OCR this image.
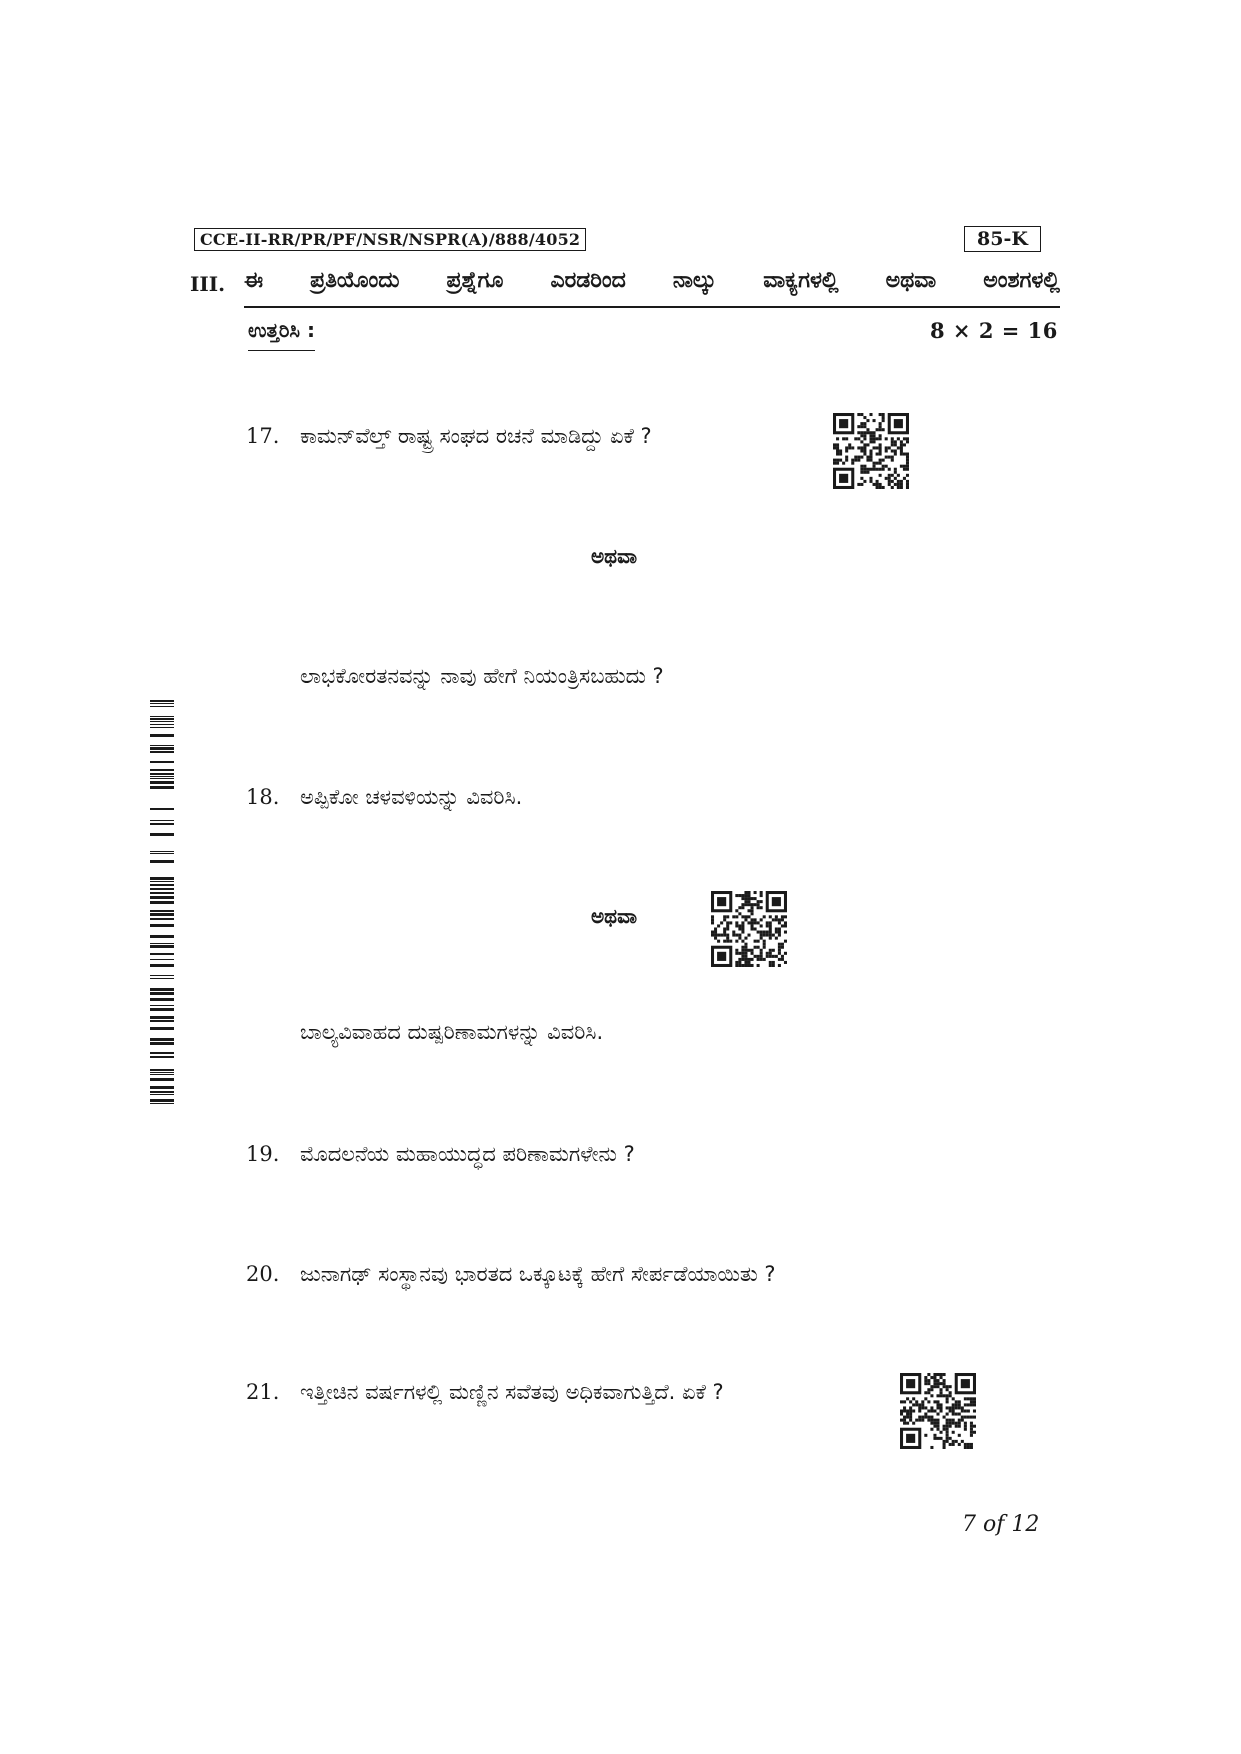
CCE-II-RR/PR/PF/NSR/NSPR(A)/888/4052	85-K
III. ಈ ಪ್ರತಿಯೊಂದು ಪ್ರಶ್ನೆಗೂ ಎರಡರಿಂದ ನಾಲ್ಕು ವಾಕ್ಯಗಳಲ್ಲಿ ಅಥವಾ ಅಂಶಗಳಲ್ಲಿ
ಉತ್ತರಿಸಿ :	8 × 2 = 16
17. ಕಾಮನ್‌ವೆಲ್ತ್ ರಾಷ್ಟ್ರ ಸಂಘದ ರಚನೆ ಮಾಡಿದ್ದು ಏಕೆ ?
ಅಥವಾ
ಲಾಭಕೋರತನವನ್ನು ನಾವು ಹೇಗೆ ನಿಯಂತ್ರಿಸಬಹುದು ?
18. ಅಪ್ಪಿಕೋ ಚಳವಳಿಯನ್ನು ವಿವರಿಸಿ.
ಅಥವಾ
ಬಾಲ್ಯವಿವಾಹದ ದುಷ್ಪರಿಣಾಮಗಳನ್ನು ವಿವರಿಸಿ.
19. ಮೊದಲನೆಯ ಮಹಾಯುದ್ಧದ ಪರಿಣಾಮಗಳೇನು ?
20. ಜುನಾಗಢ್ ಸಂಸ್ಥಾನವು ಭಾರತದ ಒಕ್ಕೂಟಕ್ಕೆ ಹೇಗೆ ಸೇರ್ಪಡೆಯಾಯಿತು ?
21. ಇತ್ತೀಚಿನ ವರ್ಷಗಳಲ್ಲಿ ಮಣ್ಣಿನ ಸವೆತವು ಅಧಿಕವಾಗುತ್ತಿದೆ. ಏಕೆ ?
7 of 12
